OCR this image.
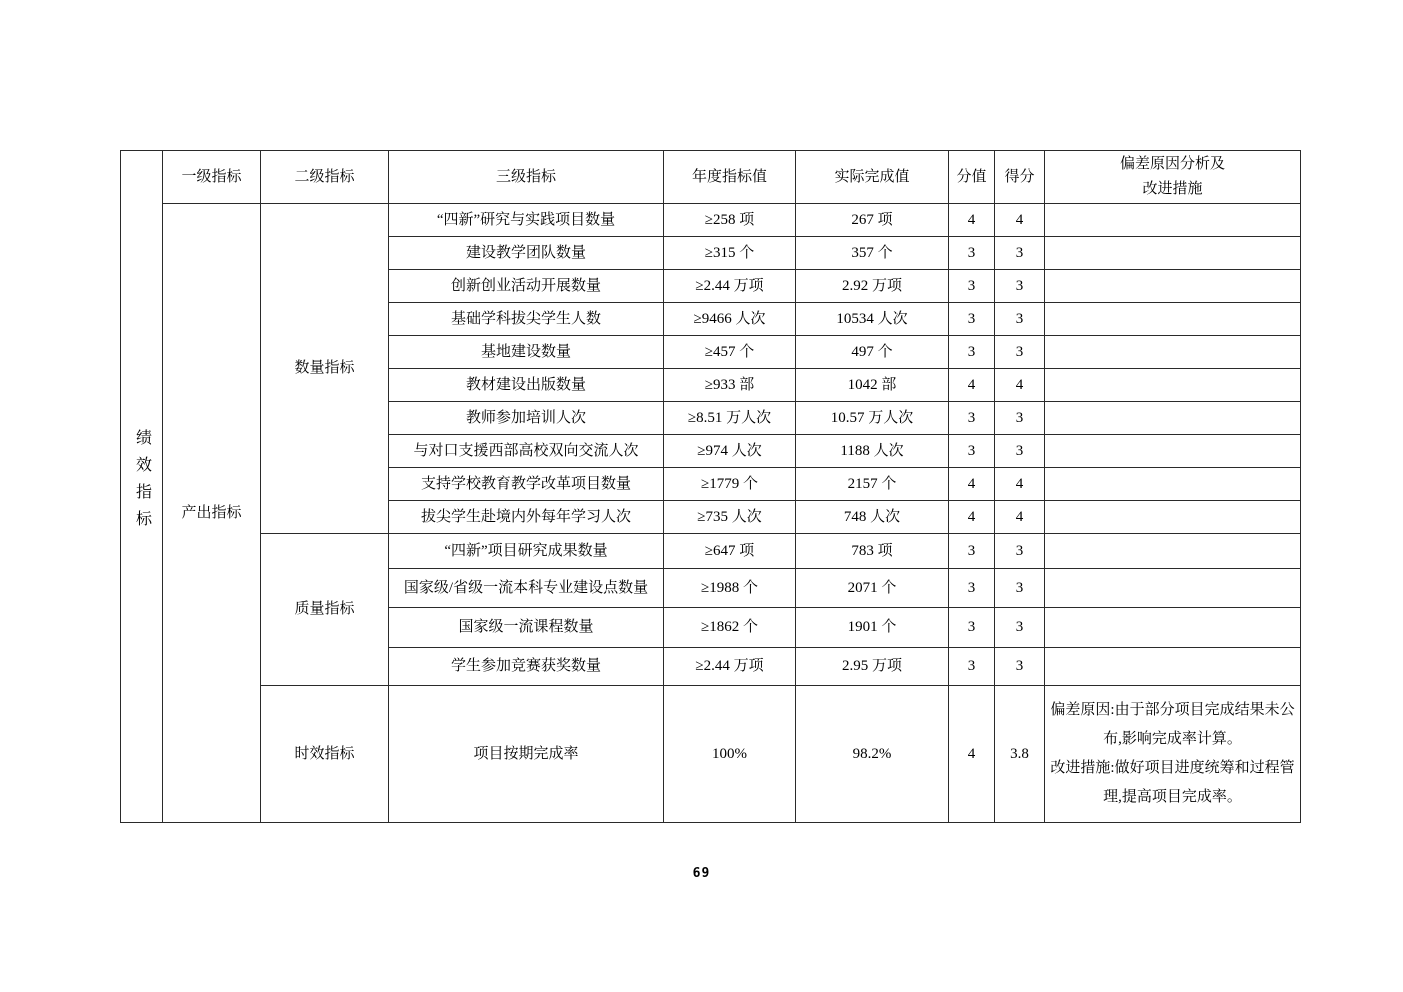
绩效指标	一级指标	二级指标	三级指标	年度指标值	实际完成值	分值	得分	偏差原因分析及
改进措施

	产出指标	数量指标	“四新”研究与实践项目数量	≥258 项	267 项	4	4	
			建设教学团队数量	≥315 个	357 个	3	3	
			创新创业活动开展数量	≥2.44 万项	2.92 万项	3	3	
			基础学科拔尖学生人数	≥9466 人次	10534 人次	3	3	
			基地建设数量	≥457 个	497 个	3	3	
			教材建设出版数量	≥933 部	1042 部	4	4	
			教师参加培训人次	≥8.51 万人次	10.57 万人次	3	3	
			与对口支援西部高校双向交流人次	≥974 人次	1188 人次	3	3	
			支持学校教育教学改革项目数量	≥1779 个	2157 个	4	4	
			拔尖学生赴境内外每年学习人次	≥735 人次	748 人次	4	4	
		质量指标	“四新”项目研究成果数量	≥647 项	783 项	3	3	
			国家级/省级一流本科专业建设点数量	≥1988 个	2071 个	3	3	
			国家级一流课程数量	≥1862 个	1901 个	3	3	
			学生参加竞赛获奖数量	≥2.44 万项	2.95 万项	3	3	
		时效指标	项目按期完成率	100%	98.2%	4	3.8	偏差原因:由于部分项目完成结果未公布,影响完成率计算。
改进措施:做好项目进度统筹和过程管理,提高项目完成率。
69
